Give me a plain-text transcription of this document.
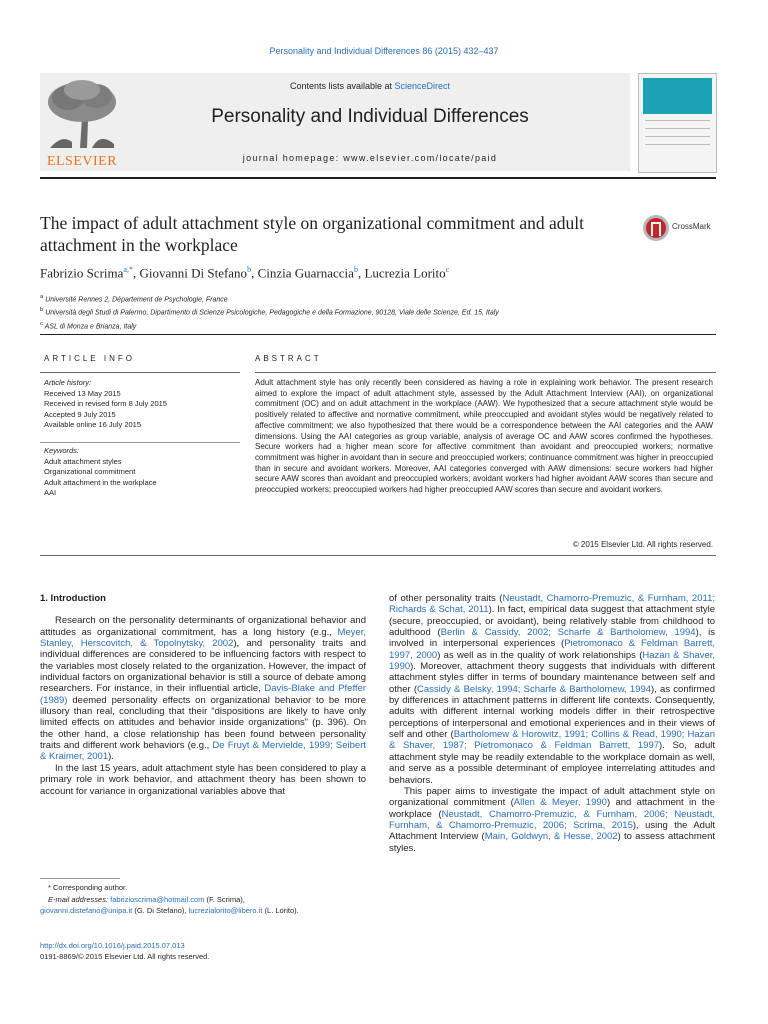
Personality and Individual Differences 86 (2015) 432–437
ELSEVIER
Contents lists available at ScienceDirect
Personality and Individual Differences
journal homepage: www.elsevier.com/locate/paid
The impact of adult attachment style on organizational commitment and adult attachment in the workplace
CrossMark
Fabrizio Scrima$^{a,*}$, Giovanni Di Stefano$^b$, Cinzia Guarnaccia$^b$, Lucrezia Lorito$^c$
$^a$ Université Rennes 2, Département de Psychologie, France
$^b$ Università degli Studi di Palermo, Dipartimento di Scienze Psicologiche, Pedagogiche e della Formazione, 90128, Viale delle Scienze, Ed. 15, Italy
$^c$ ASL di Monza e Brianza, Italy
ARTICLE INFO	ABSTRACT
Article history:
Received 13 May 2015
Received in revised form 8 July 2015
Accepted 9 July 2015
Available online 16 July 2015
Keywords:
Adult attachment styles
Organizational commitment
Adult attachment in the workplace
AAI
Adult attachment style has only recently been considered as having a role in explaining work behavior. The present research aimed to explore the impact of adult attachment style, assessed by the Adult Attachment Interview (AAI), on organizational commitment (OC) and on adult attachment in the workplace (AAW). We hypothesized that a secure attachment style would be positively related to affective and normative commitment, while preoccupied and avoidant styles would be negatively related to affective commitment; we also hypothesized that there would be a correspondence between the AAI categories and the AAW dimensions. Using the AAI categories as group variable, analysis of average OC and AAW scores confirmed the hypotheses. Secure workers had a higher mean score for affective commitment than avoidant and preoccupied workers; normative commitment was higher in avoidant than in secure and preoccupied workers; continuance commitment was higher in preoccupied than in secure and avoidant workers. Moreover, AAI categories converged with AAW dimensions: secure workers had higher secure AAW scores than avoidant and preoccupied workers; avoidant workers had higher avoidant AAW scores than secure and preoccupied workers; preoccupied workers had higher preoccupied AAW scores than secure and avoidant workers.
© 2015 Elsevier Ltd. All rights reserved.
1. Introduction

Research on the personality determinants of organizational behavior and attitudes as organizational commitment, has a long history (e.g., Meyer, Stanley, Herscovitch, & Topolnytsky, 2002), and personality traits and individual differences are considered to be influencing factors with respect to the variables most closely related to the organization. However, the impact of individual factors on organizational behavior is still a source of debate among researchers. For instance, in their influential article, Davis-Blake and Pfeffer (1989) deemed personality effects on organizational behavior to be more illusory than real, concluding that their “dispositions are likely to have only limited effects on attitudes and behavior inside organizations” (p. 396). On the other hand, a close relationship has been found between personality traits and different work behaviors (e.g., De Fruyt & Mervielde, 1999; Seibert & Kraimer, 2001).

In the last 15 years, adult attachment style has been considered to play a primary role in work behavior, and attachment theory has been shown to account for variance in organizational variables above that

of other personality traits (Neustadt, Chamorro-Premuzic, & Furnham, 2011; Richards & Schat, 2011). In fact, empirical data suggest that attachment style (secure, preoccupied, or avoidant), being relatively stable from childhood to adulthood (Berlin & Cassidy, 2002; Scharfe & Bartholomew, 1994), is involved in interpersonal experiences (Pietromonaco & Feldman Barrett, 1997, 2000) as well as in the quality of work relationships (Hazan & Shaver, 1990). Moreover, attachment theory suggests that individuals with different attachment styles differ in terms of boundary maintenance between self and other (Cassidy & Belsky, 1994; Scharfe & Bartholomew, 1994), as confirmed by differences in attachment patterns in different life contexts. Consequently, adults with different internal working models differ in their retrospective perceptions of interpersonal and emotional experiences and in their views of self and other (Bartholomew & Horowitz, 1991; Collins & Read, 1990; Hazan & Shaver, 1987; Pietromonaco & Feldman Barrett, 1997). So, adult attachment style may be readily extendable to the workplace domain as well, and serve as a possible determinant of employee interrelating attitudes and behaviors.

This paper aims to investigate the impact of adult attachment style on organizational commitment (Allen & Meyer, 1990) and attachment in the workplace (Neustadt, Chamorro-Premuzic, & Furnham, 2006; Neustadt, Furnham, & Chamorro-Premuzic, 2006; Scrima, 2015), using the Adult Attachment Interview (Main, Goldwyn, & Hesse, 2002) to assess attachment styles.

* Corresponding author.
E-mail addresses: fabrizioscrima@hotmail.com (F. Scrima),
giovanni.distefano@unipa.it (G. Di Stefano), lucrezialorito@libero.it (L. Lorito).
http://dx.doi.org/10.1016/j.paid.2015.07.013
0191-8869/© 2015 Elsevier Ltd. All rights reserved.
